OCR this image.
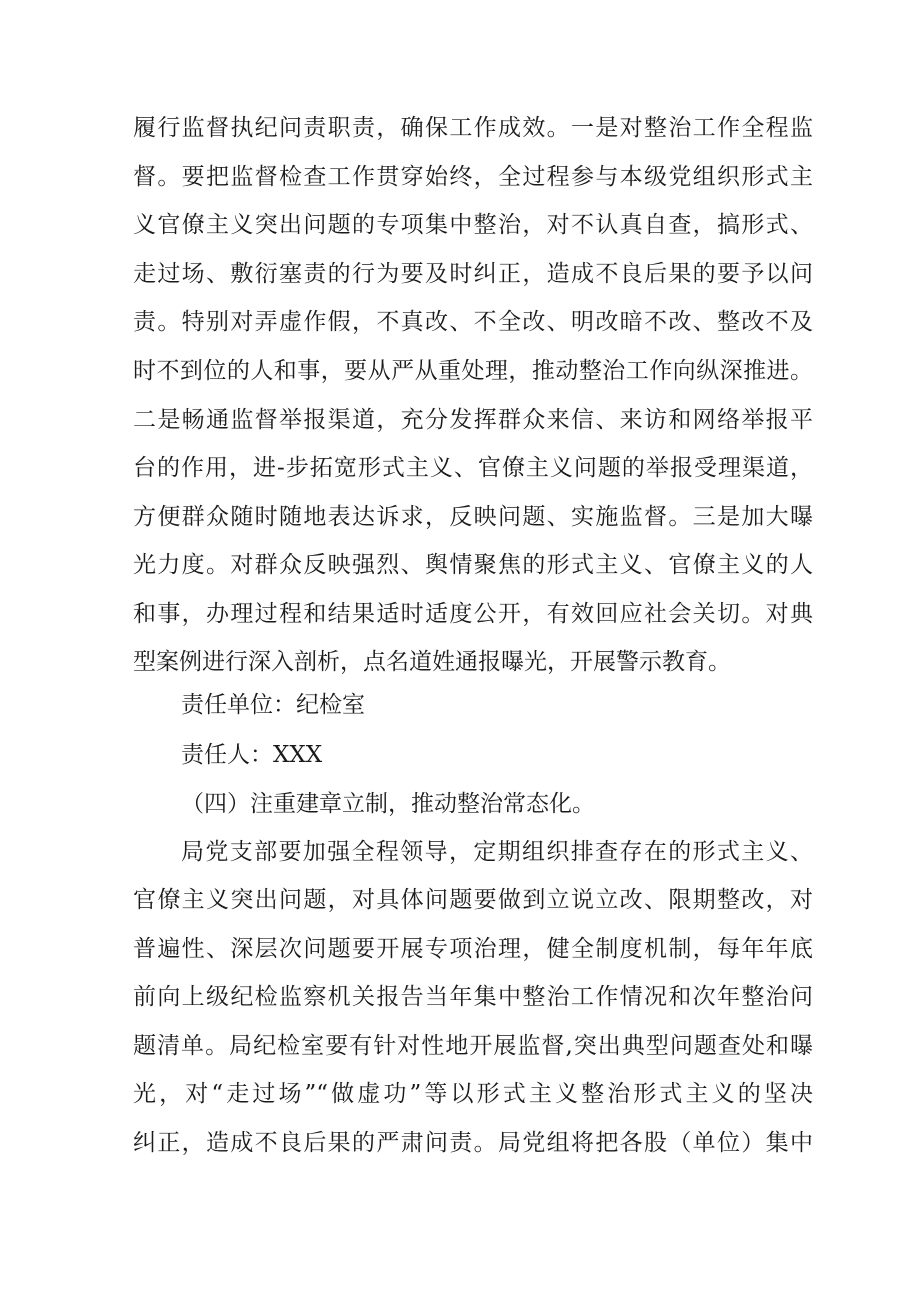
履行监督执纪问责职责，确保工作成效。一是对整治工作全程监

督。要把监督检查工作贯穿始终，全过程参与本级党组织形式主

义官僚主义突出问题的专项集中整治，对不认真自查，搞形式、

走过场、敷衍塞责的行为要及时纠正，造成不良后果的要予以问

责。特别对弄虚作假，不真改、不全改、明改暗不改、整改不及

时不到位的人和事，要从严从重处理，推动整治工作向纵深推进。

二是畅通监督举报渠道，充分发挥群众来信、来访和网络举报平

台的作用，进-步拓宽形式主义、官僚主义问题的举报受理渠道，

方便群众随时随地表达诉求，反映问题、实施监督。三是加大曝

光力度。对群众反映强烈、舆情聚焦的形式主义、官僚主义的人

和事，办理过程和结果适时适度公开，有效回应社会关切。对典

型案例进行深入剖析，点名道姓通报曝光，开展警示教育。

责任单位：纪检室

责任人：XXX

（四）注重建章立制，推动整治常态化。

局党支部要加强全程领导，定期组织排查存在的形式主义、

官僚主义突出问题，对具体问题要做到立说立改、限期整改，对

普遍性、深层次问题要开展专项治理，健全制度机制，每年年底

前向上级纪检监察机关报告当年集中整治工作情况和次年整治问

题清单。局纪检室要有针对性地开展监督,突出典型问题查处和曝

光，对“走过场”“做虚功”等以形式主义整治形式主义的坚决

纠正，造成不良后果的严肃问责。局党组将把各股（单位）集中
